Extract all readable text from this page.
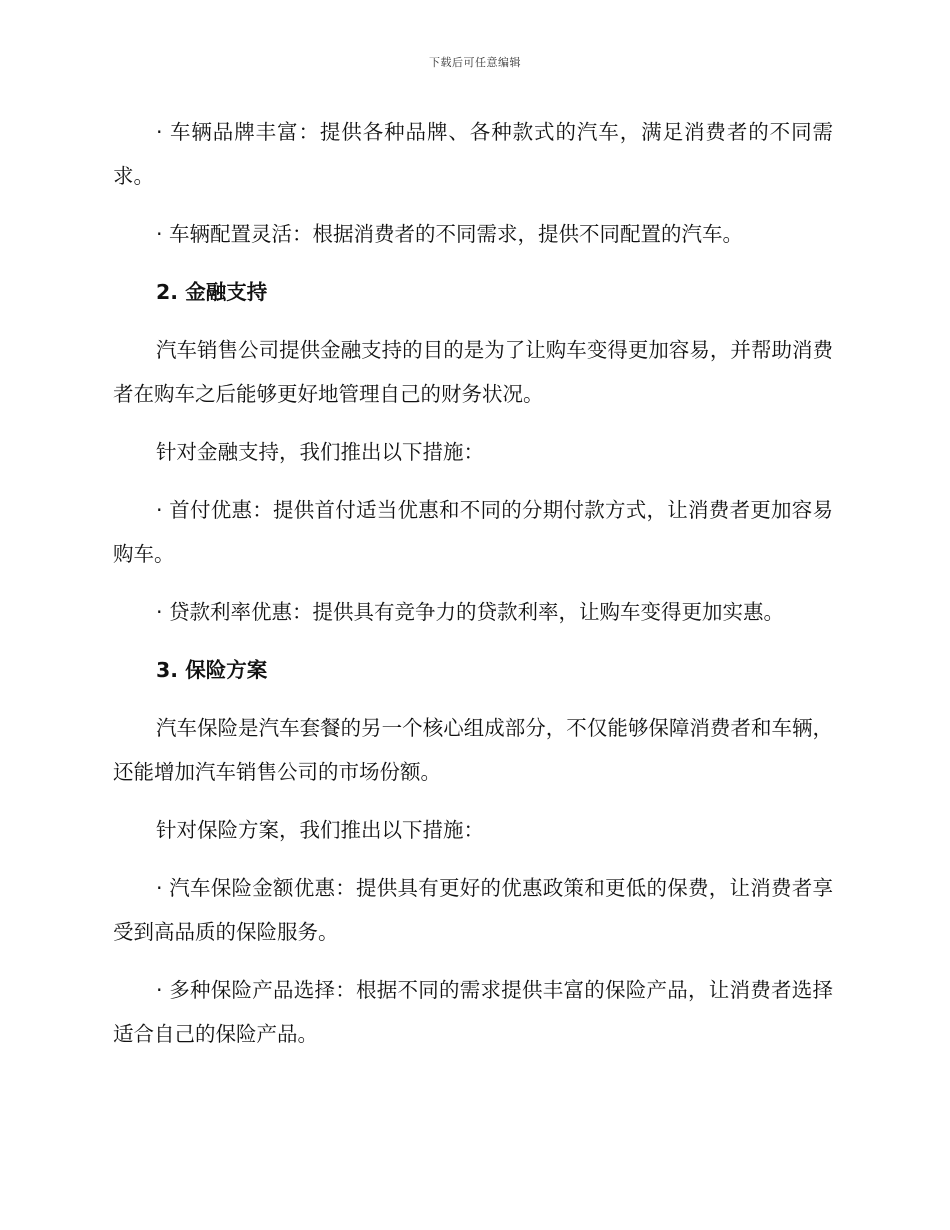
下载后可任意编辑

· 车辆品牌丰富：提供各种品牌、各种款式的汽车，满足消费者的不同需求。

· 车辆配置灵活：根据消费者的不同需求，提供不同配置的汽车。

2. 金融支持

汽车销售公司提供金融支持的目的是为了让购车变得更加容易，并帮助消费者在购车之后能够更好地管理自己的财务状况。

针对金融支持，我们推出以下措施：

· 首付优惠：提供首付适当优惠和不同的分期付款方式，让消费者更加容易购车。

· 贷款利率优惠：提供具有竞争力的贷款利率，让购车变得更加实惠。

3. 保险方案

汽车保险是汽车套餐的另一个核心组成部分，不仅能够保障消费者和车辆，还能增加汽车销售公司的市场份额。

针对保险方案，我们推出以下措施：

· 汽车保险金额优惠：提供具有更好的优惠政策和更低的保费，让消费者享受到高品质的保险服务。

· 多种保险产品选择：根据不同的需求提供丰富的保险产品，让消费者选择适合自己的保险产品。
